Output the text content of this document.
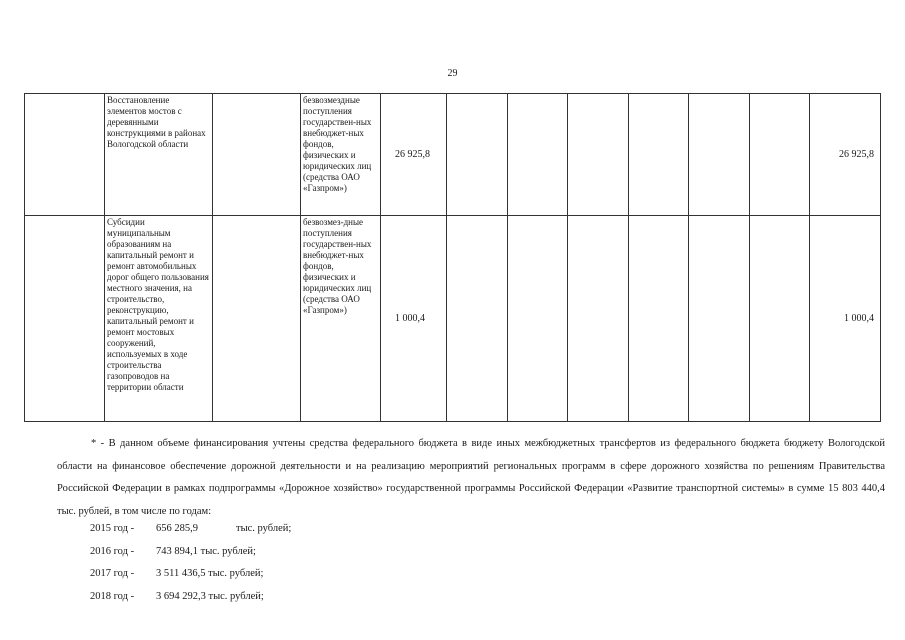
29
	Восстановление элементов мостов с деревянными конструкциями в районах Вологодской области		безвозмездные поступления государствен-ных внебюджет-ных фондов, физических и юридических лиц (средства ОАО «Газпром»)	26 925,8							26 925,8
	Субсидии муниципальным образованиям на капитальный ремонт и ремонт автомобильных дорог общего пользования местного значения, на строительство, реконструкцию, капитальный ремонт и ремонт мостовых сооружений, используемых в ходе строительства газопроводов на территории области		безвозмез-дные поступления государствен-ных внебюджет-ных фондов, физических и юридических лиц (средства ОАО «Газпром»)	1 000,4							1 000,4

* - В данном объеме финансирования учтены средства федерального бюджета в виде иных межбюджетных трансфертов из федерального бюджета бюджету Вологодской области на финансовое обеспечение дорожной деятельности и на реализацию мероприятий региональных программ в сфере дорожного хозяйства по решениям Правительства Российской Федерации в рамках подпрограммы «Дорожное хозяйство» государственной программы Российской Федерации «Развитие транспортной системы» в сумме 15 803 440,4 тыс. рублей, в том числе по годам:

2015 год -	656 285,9	тыс. рублей;
2016 год -	743 894,1 тыс. рублей;
2017 год -	3 511 436,5 тыс. рублей;
2018 год -	3 694 292,3 тыс. рублей;
